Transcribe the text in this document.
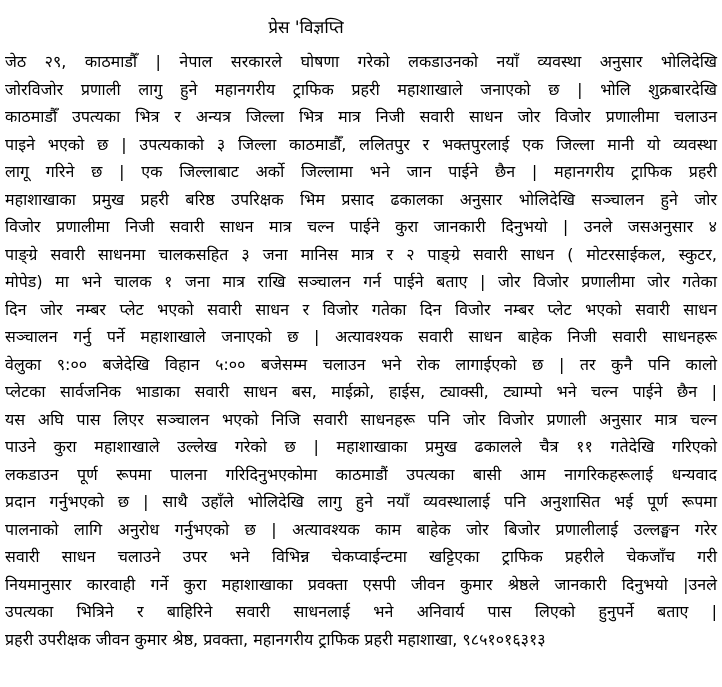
प्रेस 'विज्ञप्ति
जेठ २९, काठमाडौँ | नेपाल सरकारले घोषणा गरेको लकडाउनको नयाँ व्यवस्था अनुसार भोलिदेखि
जोरविजोर प्रणाली लागु हुने महानगरीय ट्राफिक प्रहरी महाशाखाले जनाएको छ | भोलि शुक्रबारदेखि
काठमाडौँ उपत्यका भित्र र अन्यत्र जिल्ला भित्र मात्र निजी सवारी साधन जोर विजोर प्रणालीमा चलाउन
पाइने भएको छ | उपत्यकाको ३ जिल्ला काठमाडौँ, ललितपुर र भक्तपुरलाई एक जिल्ला मानी यो व्यवस्था
लागू गरिने छ | एक जिल्लाबाट अर्को जिल्लामा भने जान पाईने छैन | महानगरीय ट्राफिक प्रहरी
महाशाखाका प्रमुख प्रहरी बरिष्ठ उपरिक्षक भिम प्रसाद ढकालका अनुसार भोलिदेखि सञ्चालन हुने जोर
विजोर प्रणालीमा निजी सवारी साधन मात्र चल्न पाईने कुरा जानकारी दिनुभयो | उनले जसअनुसार ४
पाङ्ग्रे सवारी साधनमा चालकसहित ३ जना मानिस मात्र र २ पाङ्ग्रे सवारी साधन ( मोटरसाईकल, स्कुटर,
मोपेड) मा भने चालक १ जना मात्र राखि सञ्चालन गर्न पाईने बताए | जोर विजोर प्रणालीमा जोर गतेका
दिन जोर नम्बर प्लेट भएको सवारी साधन र विजोर गतेका दिन विजोर नम्बर प्लेट भएको सवारी साधन
सञ्चालन गर्नु पर्ने महाशाखाले जनाएको छ | अत्यावश्यक सवारी साधन बाहेक निजी सवारी साधनहरू
वेलुका ९:०० बजेदेखि विहान ५:०० बजेसम्म चलाउन भने रोक लागाईएको छ | तर कुनै पनि कालो
प्लेटका सार्वजनिक भाडाका सवारी साधन बस, माईक्रो, हाईस, ट्याक्सी, ट्याम्पो भने चल्न पाईने छैन |
यस अघि पास लिएर सञ्चालन भएको निजि सवारी साधनहरू पनि जोर विजोर प्रणाली अनुसार मात्र चल्न
पाउने कुरा महाशाखाले उल्लेख गरेको छ | महाशाखाका प्रमुख ढकालले चैत्र ११ गतेदेखि गरिएको
लकडाउन पूर्ण रूपमा पालना गरिदिनुभएकोमा काठमाडौं उपत्यका बासी आम नागरिकहरूलाई धन्यवाद
प्रदान गर्नुभएको छ | साथै उहाँले भोलिदेखि लागु हुने नयाँ व्यवस्थालाई पनि अनुशासित भई पूर्ण रूपमा
पालनाको लागि अनुरोध गर्नुभएको छ | अत्यावश्यक काम बाहेक जोर बिजोर प्रणालीलाई उल्लङ्घन गरेर
सवारी साधन चलाउने उपर भने विभिन्न चेकप्वाईन्टमा खट्टिएका ट्राफिक प्रहरीले चेकजाँच गरी
नियमानुसार कारवाही गर्ने कुरा महाशाखाका प्रवक्ता एसपी जीवन कुमार श्रेष्ठले जानकारी दिनुभयो |उनले
उपत्यका भित्रिने र बाहिरिने सवारी साधनलाई भने अनिवार्य पास लिएको हुनुपर्ने बताए |
प्रहरी उपरीक्षक जीवन कुमार श्रेष्ठ, प्रवक्ता, महानगरीय ट्राफिक प्रहरी महाशाखा, ९८५१०१६३१३
